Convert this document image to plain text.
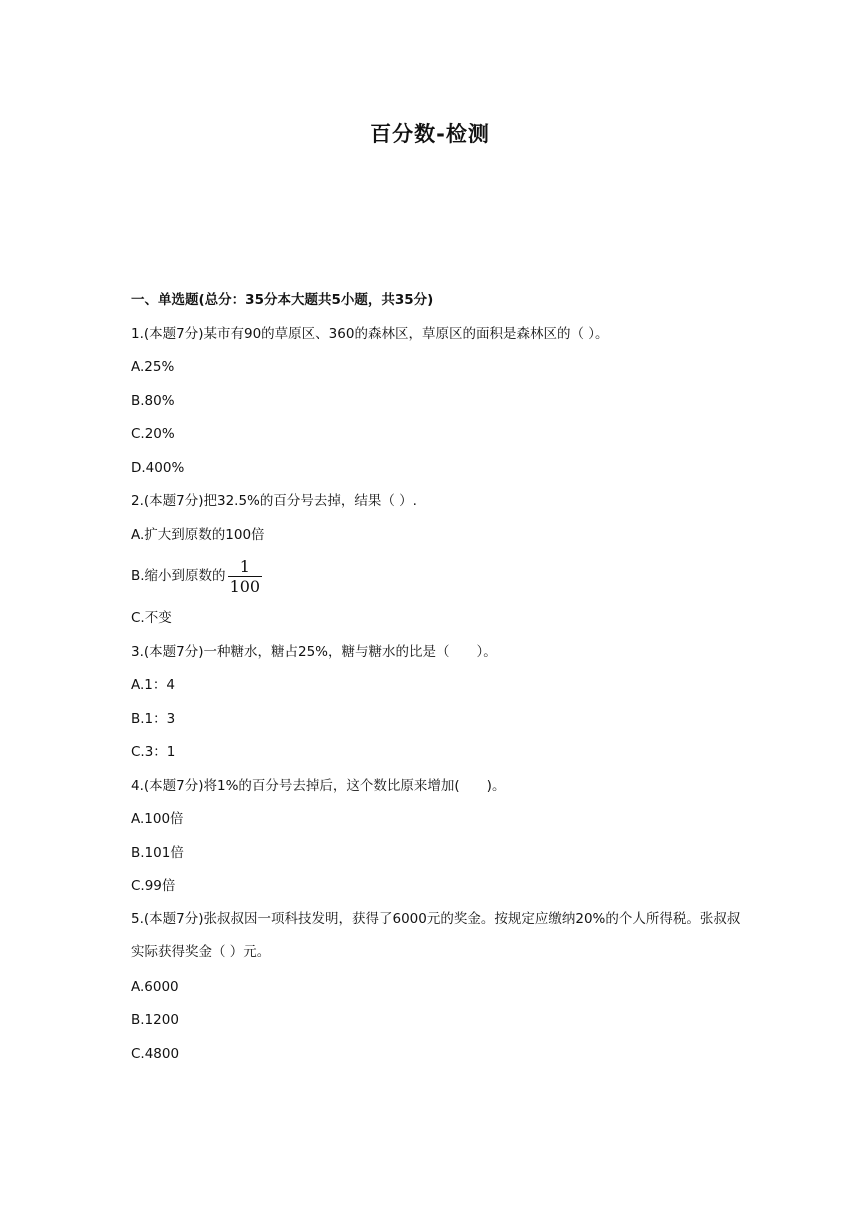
百分数-检测
一、单选题(总分：35分本大题共5小题，共35分)
1.(本题7分)某市有90的草原区、360的森林区，草原区的面积是森林区的（ ）。
A.25%
B.80%
C.20%
D.400%
2.(本题7分)把32.5%的百分号去掉，结果（ ）.
A.扩大到原数的100倍
B.缩小到原数的 $\frac{1}{100}$
C.不变
3.(本题7分)一种糖水，糖占25%，糖与糖水的比是（　　）。
A.1：4
B.1：3
C.3：1
4.(本题7分)将1%的百分号去掉后，这个数比原来增加(　　)。
A.100倍
B.101倍
C.99倍
5.(本题7分)张叔叔因一项科技发明，获得了6000元的奖金。按规定应缴纳20%的个人所得税。张叔叔实际获得奖金（ ）元。
A.6000
B.1200
C.4800
